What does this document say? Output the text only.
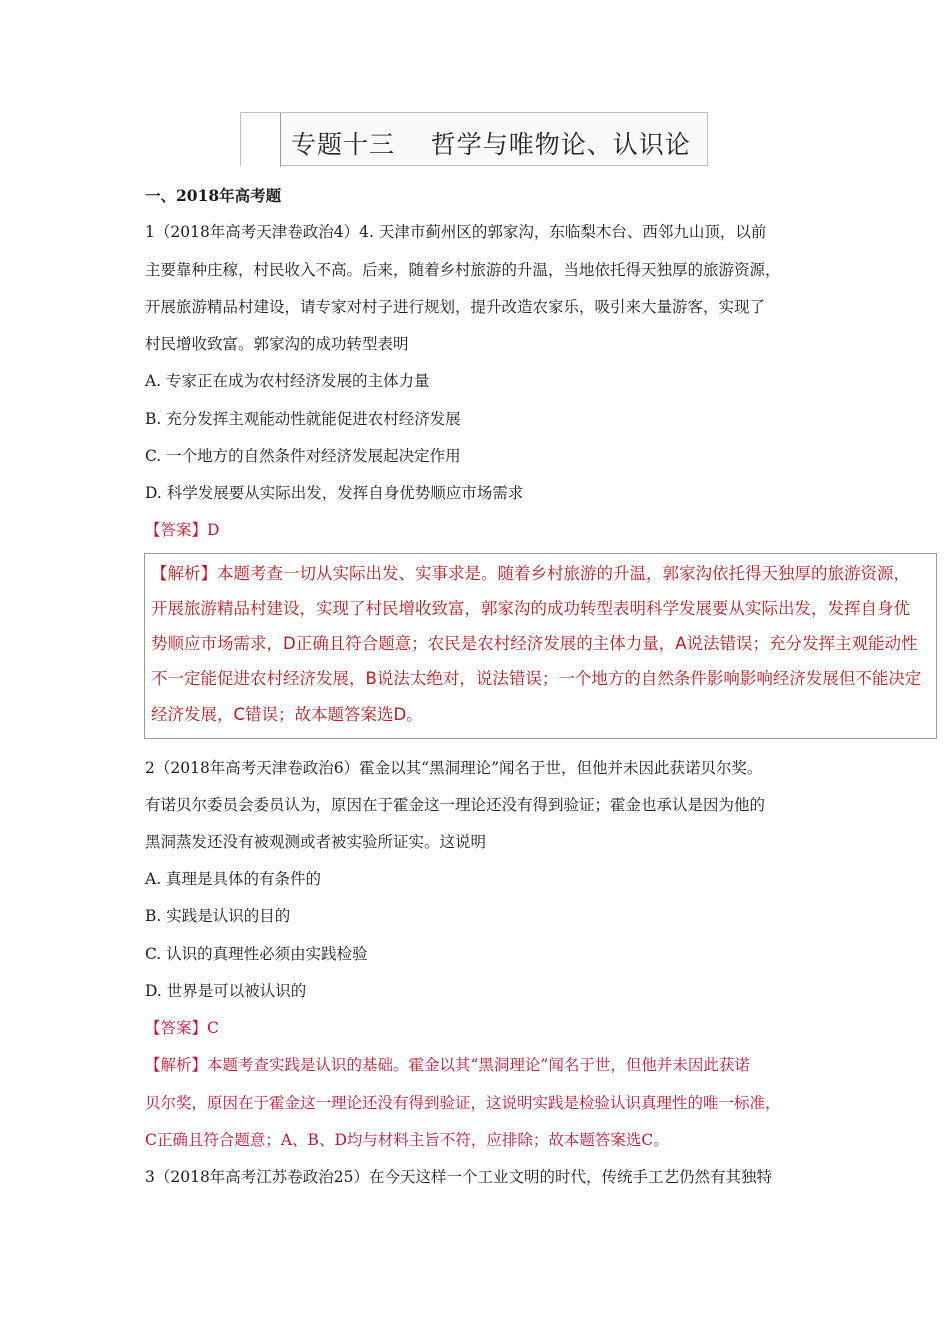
专题十三    哲学与唯物论、认识论
一、2018年高考题
1（2018年高考天津卷政治4）4. 天津市蓟州区的郭家沟，东临梨木台、西邻九山顶，以前
主要靠种庄稼，村民收入不高。后来，随着乡村旅游的升温，当地依托得天独厚的旅游资源，
开展旅游精品村建设，请专家对村子进行规划，提升改造农家乐，吸引来大量游客，实现了
村民增收致富。郭家沟的成功转型表明
A. 专家正在成为农村经济发展的主体力量
B. 充分发挥主观能动性就能促进农村经济发展
C. 一个地方的自然条件对经济发展起决定作用
D. 科学发展要从实际出发，发挥自身优势顺应市场需求
【答案】D
【解析】本题考查一切从实际出发、实事求是。随着乡村旅游的升温，郭家沟依托得天独厚的旅游资源，
开展旅游精品村建设，实现了村民增收致富，郭家沟的成功转型表明科学发展要从实际出发，发挥自身优
势顺应市场需求，D正确且符合题意；农民是农村经济发展的主体力量，A说法错误；充分发挥主观能动性
不一定能促进农村经济发展，B说法太绝对，说法错误；一个地方的自然条件影响影响经济发展但不能决定
经济发展，C错误；故本题答案选D。
2（2018年高考天津卷政治6）霍金以其“黑洞理论”闻名于世，但他并未因此获诺贝尔奖。
有诺贝尔委员会委员认为，原因在于霍金这一理论还没有得到验证；霍金也承认是因为他的
黑洞蒸发还没有被观测或者被实验所证实。这说明
A. 真理是具体的有条件的
B. 实践是认识的目的
C. 认识的真理性必须由实践检验
D. 世界是可以被认识的
【答案】C
【解析】本题考查实践是认识的基础。霍金以其“黑洞理论”闻名于世，但他并未因此获诺
贝尔奖，原因在于霍金这一理论还没有得到验证，这说明实践是检验认识真理性的唯一标准，
C正确且符合题意；A、B、D均与材料主旨不符，应排除；故本题答案选C。
3（2018年高考江苏卷政治25）在今天这样一个工业文明的时代，传统手工艺仍然有其独特
